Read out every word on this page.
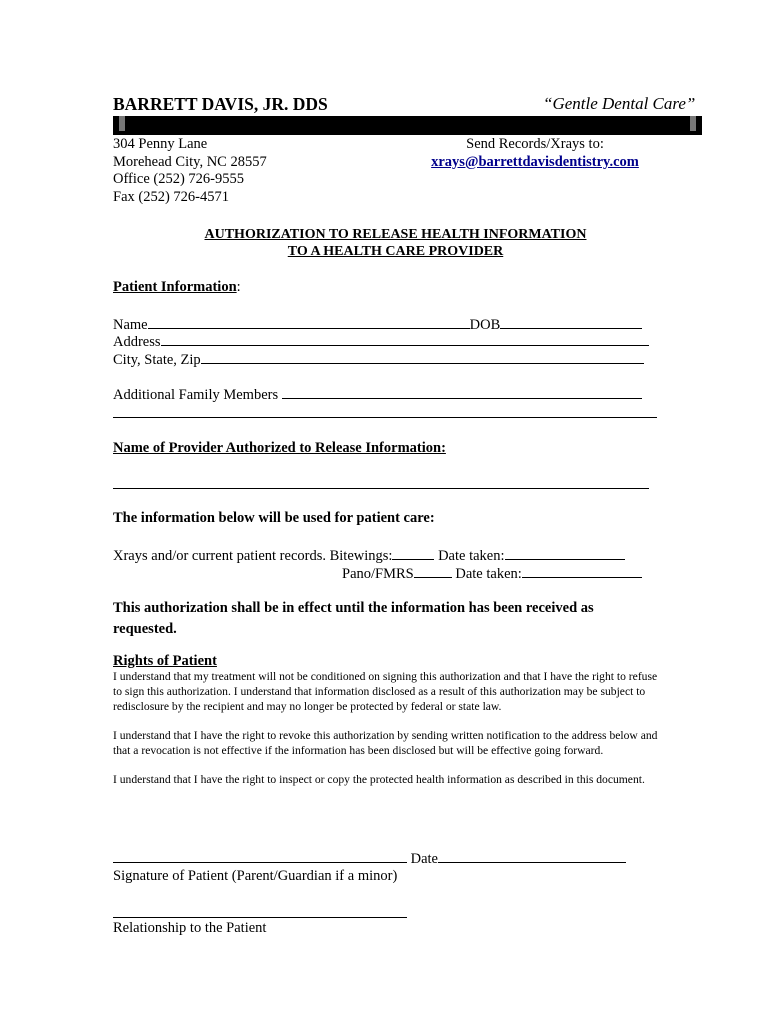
BARRETT DAVIS, JR. DDS	“Gentle Dental Care”
304 Penny Lane
Morehead City, NC 28557
Office (252) 726-9555
Fax (252) 726-4571
Send Records/Xrays to:
xrays@barrettdavisdentistry.com
AUTHORIZATION TO RELEASE HEALTH INFORMATION
TO A HEALTH CARE PROVIDER
Patient Information:
Name	DOB
Address
City, State, Zip
Additional Family Members
Name of Provider Authorized to Release Information:
The information below will be used for patient care:
Xrays and/or current patient records. Bitewings:	Date taken:
Pano/FMRS	Date taken:
This authorization shall be in effect until the information has been received as
requested.
Rights of Patient
I understand that my treatment will not be conditioned on signing this authorization and that I have the right to refuse to sign this authorization. I understand that information disclosed as a result of this authorization may be subject to redisclosure by the recipient and may no longer be protected by federal or state law.
I understand that I have the right to revoke this authorization by sending written notification to the address below and that a revocation is not effective if the information has been disclosed but will be effective going forward.
I understand that I have the right to inspect or copy the protected health information as described in this document.
Date
Signature of Patient (Parent/Guardian if a minor)
Relationship to the Patient
